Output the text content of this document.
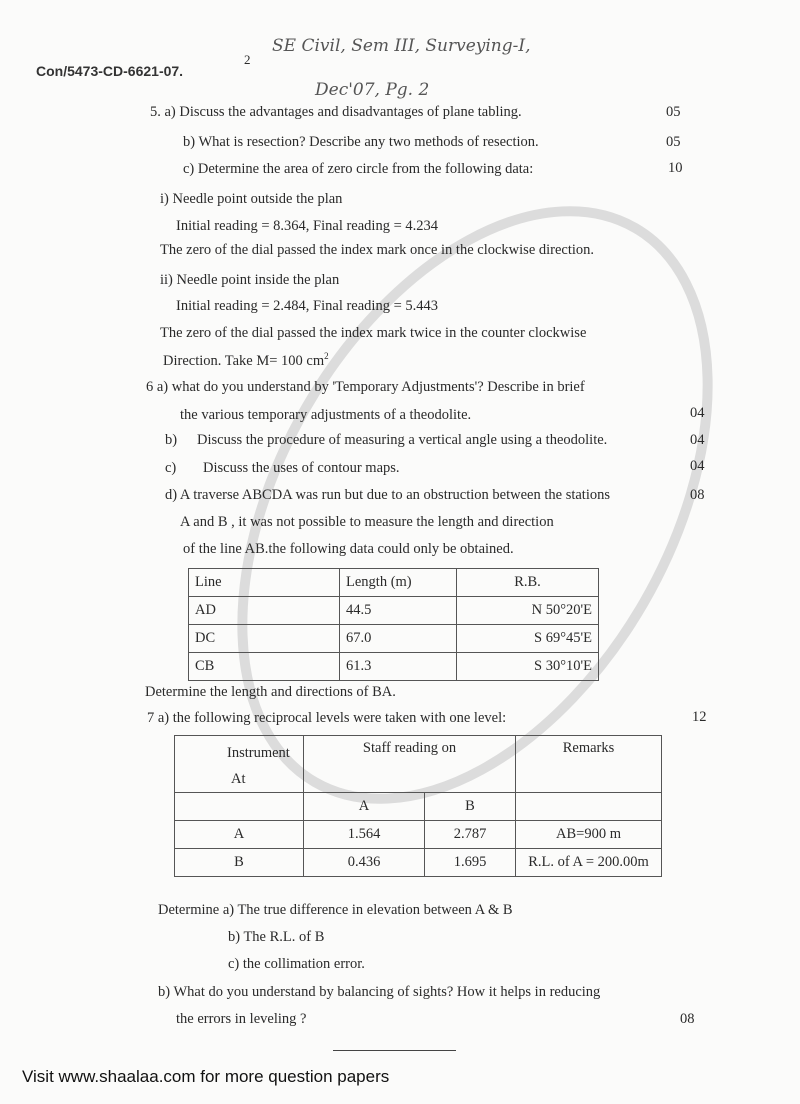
Con/5473-CD-6621-07.
2
SE Civil, Sem III, Surveying-I,
Dec'07, Pg. 2
5. a) Discuss the advantages and disadvantages of plane tabling.	05
b) What is resection? Describe any two methods of resection.	05
c) Determine the area of zero circle from the following data:	10
i) Needle point outside the plan
Initial reading = 8.364, Final reading = 4.234
The zero of the dial passed the index mark once in the clockwise direction.
ii) Needle point inside the plan
Initial reading = 2.484, Final reading = 5.443
The zero of the dial passed the index mark twice in the counter clockwise
Direction. Take M= 100 $cm^2$
6 a) what do you understand by 'Temporary Adjustments'? Describe in brief
the various temporary adjustments of a theodolite.	04
b) Discuss the procedure of measuring a vertical angle using a theodolite.	04
c) Discuss the uses of contour maps.	04
d) A traverse ABCDA was run but due to an obstruction between the stations	08
A and B , it was not possible to measure the length and direction
of the line AB.the following data could only be obtained.
Line	Length (m)	R.B.
AD	44.5	N 50°20'E
DC	67.0	S 69°45'E
CB	61.3	S 30°10'E
Determine the length and directions of BA.
7 a) the following reciprocal levels were taken with one level:	12
Instrument
At	Staff reading on		Remarks
	A	B	
A	1.564	2.787	AB=900 m
B	0.436	1.695	R.L. of A = 200.00m
Determine a) The true difference in elevation between A & B
b) The R.L. of B
c) the collimation error.
b) What do you understand by balancing of sights? How it helps in reducing
the errors in leveling ?	08
Visit www.shaalaa.com for more question papers
